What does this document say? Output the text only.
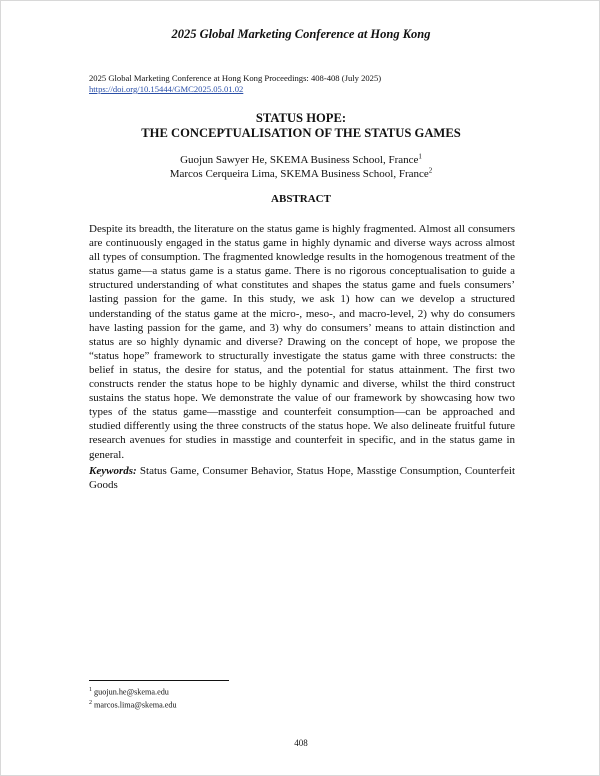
2025 Global Marketing Conference at Hong Kong
2025 Global Marketing Conference at Hong Kong Proceedings: 408-408 (July 2025)
https://doi.org/10.15444/GMC2025.05.01.02
STATUS HOPE:
THE CONCEPTUALISATION OF THE STATUS GAMES
Guojun Sawyer He, SKEMA Business School, France$^1$
Marcos Cerqueira Lima, SKEMA Business School, France$^2$
ABSTRACT
Despite its breadth, the literature on the status game is highly fragmented. Almost all consumers are continuously engaged in the status game in highly dynamic and diverse ways across almost all types of consumption. The fragmented knowledge results in the homogenous treatment of the status game—a status game is a status game. There is no rigorous conceptualisation to guide a structured understanding of what constitutes and shapes the status game and fuels consumers’ lasting passion for the game. In this study, we ask 1) how can we develop a structured understanding of the status game at the micro-, meso-, and macro-level, 2) why do consumers have lasting passion for the game, and 3) why do consumers’ means to attain distinction and status are so highly dynamic and diverse? Drawing on the concept of hope, we propose the “status hope” framework to structurally investigate the status game with three constructs: the belief in status, the desire for status, and the potential for status attainment. The first two constructs render the status hope to be highly dynamic and diverse, whilst the third construct sustains the status hope. We demonstrate the value of our framework by showcasing how two types of the status game—masstige and counterfeit consumption—can be approached and studied differently using the three constructs of the status hope. We also delineate fruitful future research avenues for studies in masstige and counterfeit in specific, and in the status game in general.
Keywords: Status Game, Consumer Behavior, Status Hope, Masstige Consumption, Counterfeit Goods
$^1$ guojun.he@skema.edu
$^2$ marcos.lima@skema.edu
408
